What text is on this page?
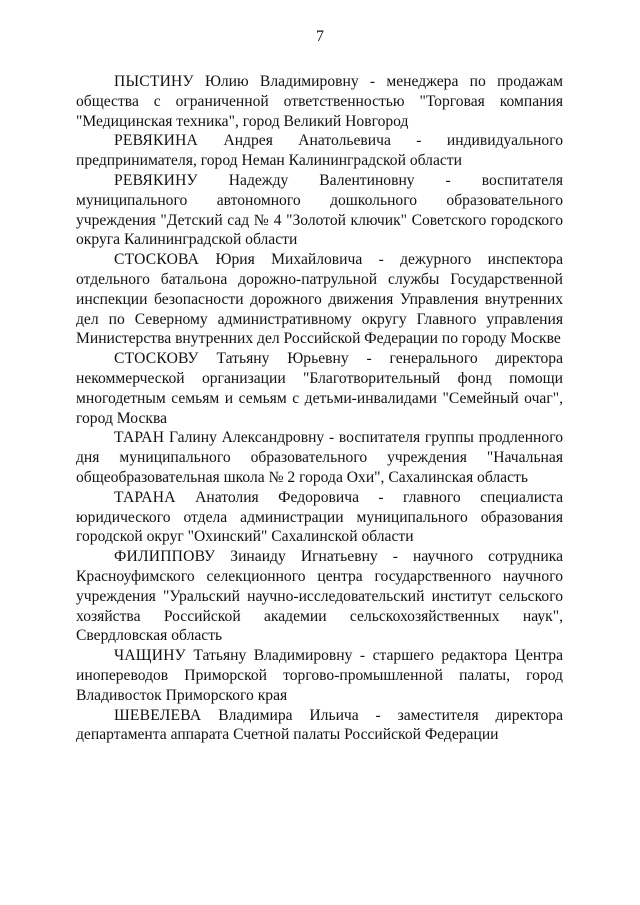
7

ПЫСТИНУ Юлию Владимировну - менеджера по продажам общества с ограниченной ответственностью "Торговая компания "Медицинская техника", город Великий Новгород

РЕВЯКИНА Андрея Анатольевича - индивидуального предпринимателя, город Неман Калининградской области

РЕВЯКИНУ Надежду Валентиновну - воспитателя муниципального автономного дошкольного образовательного учреждения "Детский сад № 4 "Золотой ключик" Советского городского округа Калининградской области

СТОСКОВА Юрия Михайловича - дежурного инспектора отдельного батальона дорожно-патрульной службы Государственной инспекции безопасности дорожного движения Управления внутренних дел по Северному административному округу Главного управления Министерства внутренних дел Российской Федерации по городу Москве

СТОСКОВУ Татьяну Юрьевну - генерального директора некоммерческой организации "Благотворительный фонд помощи многодетным семьям и семьям с детьми-инвалидами "Семейный очаг", город Москва

ТАРАН Галину Александровну - воспитателя группы продленного дня муниципального образовательного учреждения "Начальная общеобразовательная школа № 2 города Охи", Сахалинская область

ТАРАНА Анатолия Федоровича - главного специалиста юридического отдела администрации муниципального образования городской округ "Охинский" Сахалинской области

ФИЛИППОВУ Зинаиду Игнатьевну - научного сотрудника Красноуфимского селекционного центра государственного научного учреждения "Уральский научно-исследовательский институт сельского хозяйства Российской академии сельскохозяйственных наук", Свердловская область

ЧАЩИНУ Татьяну Владимировну - старшего редактора Центра инопереводов Приморской торгово-промышленной палаты, город Владивосток Приморского края

ШЕВЕЛЕВА Владимира Ильича - заместителя директора департамента аппарата Счетной палаты Российской Федерации
